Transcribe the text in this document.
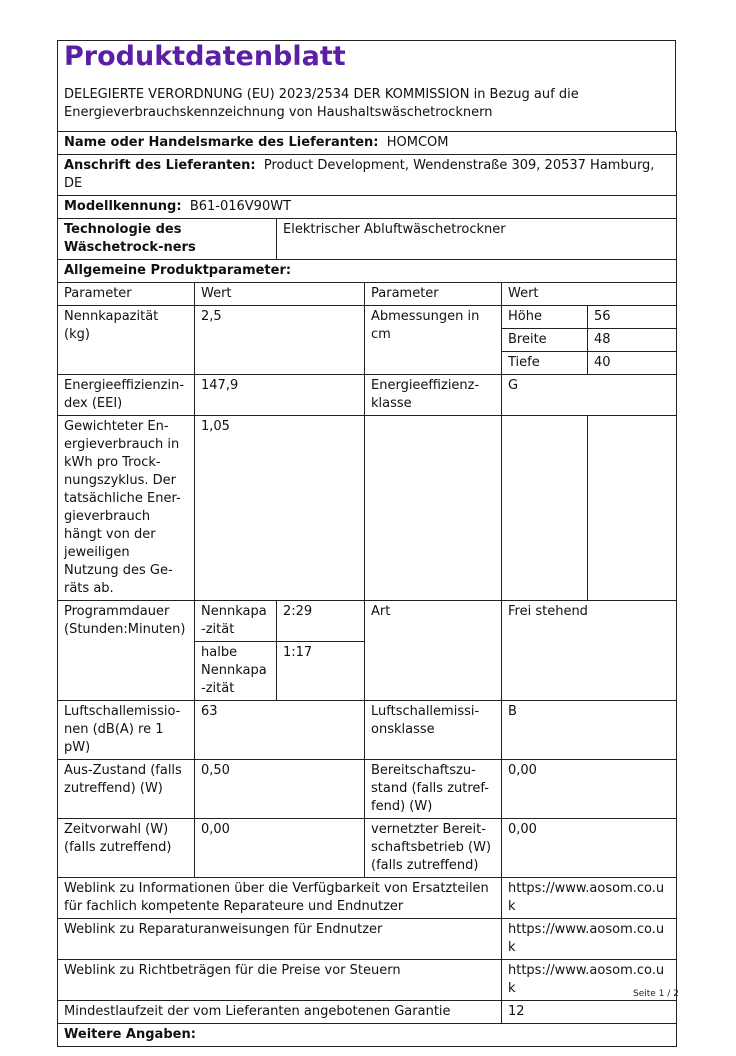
Produktdatenblatt
DELEGIERTE VERORDNUNG (EU) 2023/2534 DER KOMMISSION in Bezug auf die Energieverbrauchskennzeichnung von Haushaltswäschetrocknern
Name oder Handelsmarke des Lieferanten: HOMCOM					
Anschrift des Lieferanten: Product Development, Wendenstraße 309, 20537 Hamburg, DE					
Modellkennung: B61-016V90WT					
Technologie des Wäschetrock-ners		Elektrischer Abluftwäschetrockner			
Allgemeine Produktparameter:					
Parameter	Wert		Parameter	Wert	
Nennkapazität (kg)	2,5		Abmessungen in cm	Höhe	56
				Breite	48
				Tiefe	40
Energieeffizienzin-dex (EEI)	147,9		Energieeffizienz-klasse	G	
Gewichteter En-ergieverbrauch in kWh pro Trock-nungszyklus. Der tatsächliche Ener-gieverbrauch hängt von der jeweiligen Nutzung des Ge-räts ab.	1,05				
Programmdauer (Stunden:Minuten)	Nennkapa-zität	2:29	Art	Frei stehend	
	halbe Nennkapa-zität	1:17			
Luftschallemissio-nen (dB(A) re 1 pW)	63		Luftschallemissi-onsklasse	B	
Aus-Zustand (falls zutreffend) (W)	0,50		Bereitschaftszu-stand (falls zutref-fend) (W)	0,00	
Zeitvorwahl (W) (falls zutreffend)	0,00		vernetzter Bereit-schaftsbetrieb (W) (falls zutreffend)	0,00	
Weblink zu Informationen über die Verfügbarkeit von Ersatzteilen für fachlich kompetente Reparateure und Endnutzer				https://www.aosom.co.uk	
Weblink zu Reparaturanweisungen für Endnutzer				https://www.aosom.co.uk	
Weblink zu Richtbeträgen für die Preise vor Steuern				https://www.aosom.co.uk	
Mindestlaufzeit der vom Lieferanten angebotenen Garantie				12	
Weitere Angaben:					
Seite 1 / 2
